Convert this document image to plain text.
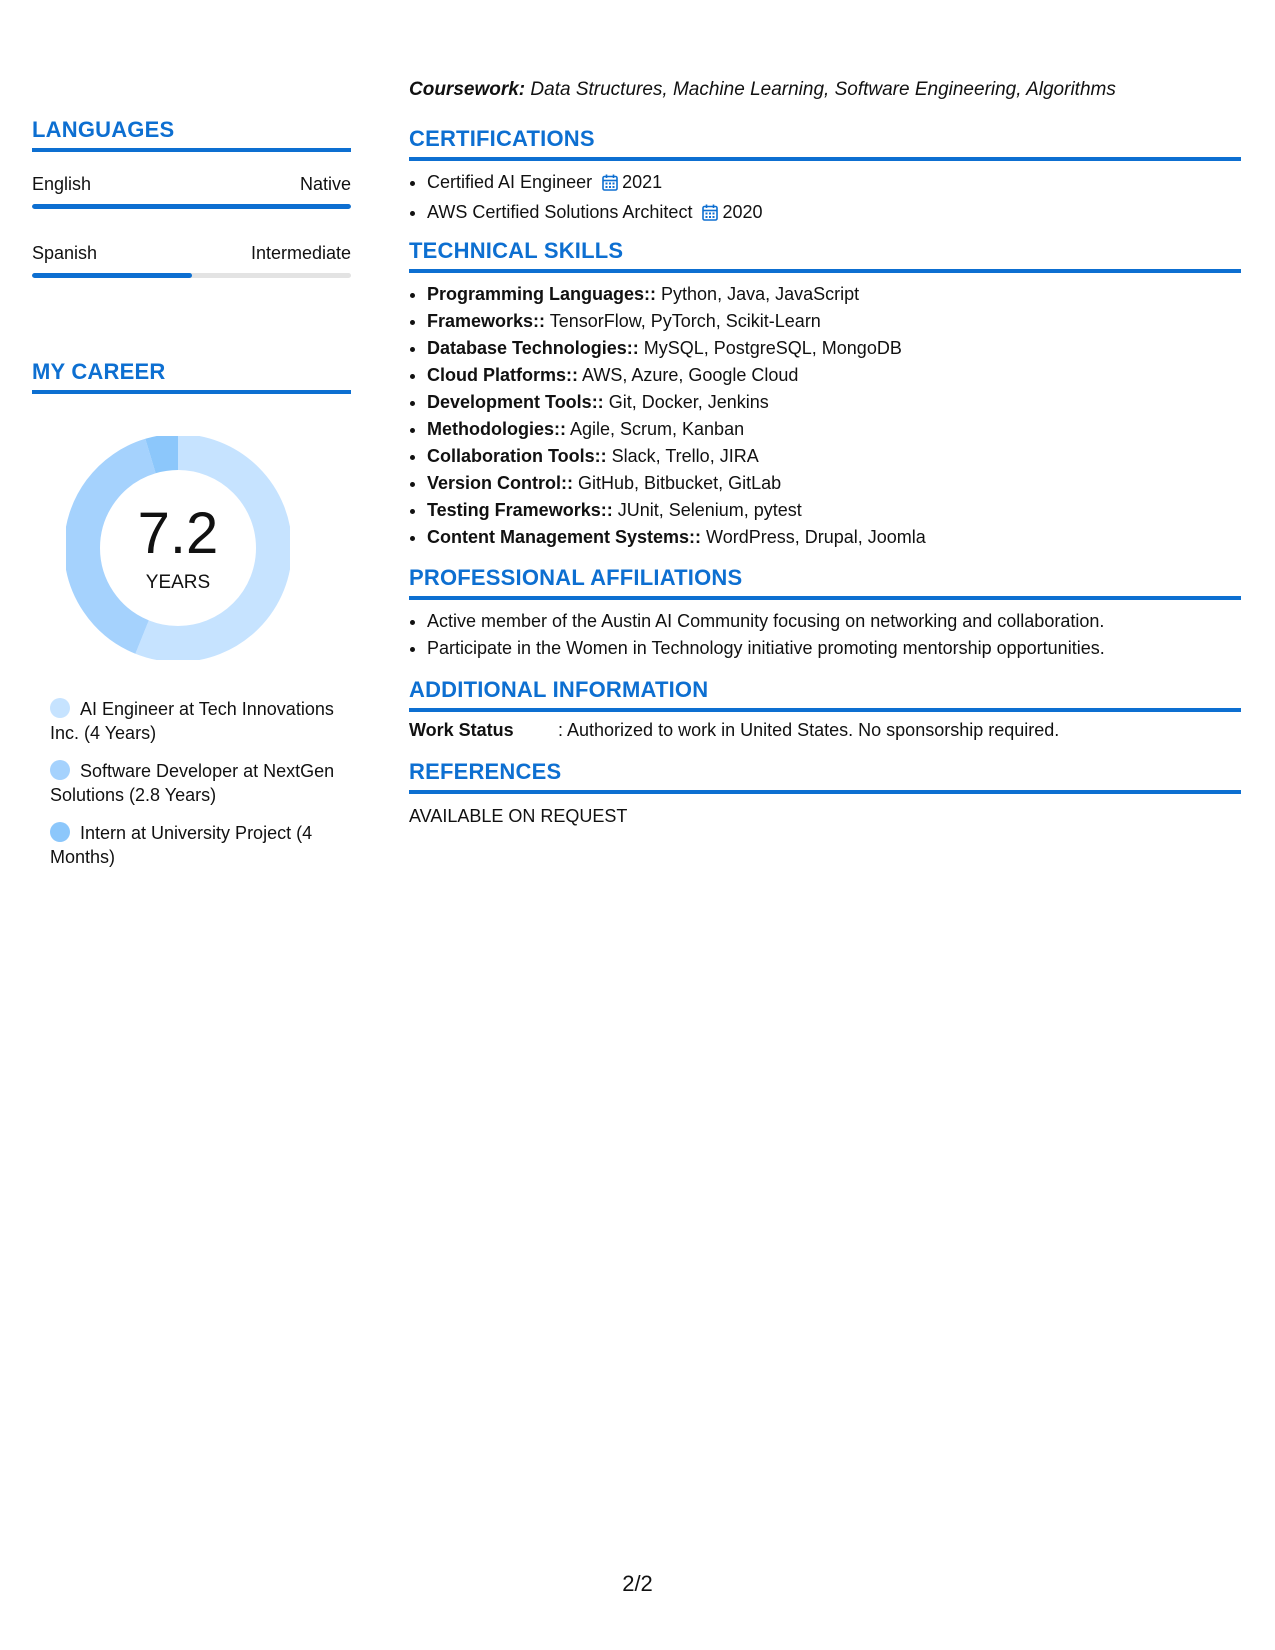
LANGUAGES
English	Native
Spanish	Intermediate
MY CAREER
7.2
YEARS
AI Engineer at Tech Innovations Inc. (4 Years)
Software Developer at NextGen Solutions (2.8 Years)
Intern at University Project (4 Months)
Coursework: Data Structures, Machine Learning, Software Engineering, Algorithms
CERTIFICATIONS
• Certified AI Engineer 2021
• AWS Certified Solutions Architect 2020
TECHNICAL SKILLS
• Programming Languages:: Python, Java, JavaScript
• Frameworks:: TensorFlow, PyTorch, Scikit-Learn
• Database Technologies:: MySQL, PostgreSQL, MongoDB
• Cloud Platforms:: AWS, Azure, Google Cloud
• Development Tools:: Git, Docker, Jenkins
• Methodologies:: Agile, Scrum, Kanban
• Collaboration Tools:: Slack, Trello, JIRA
• Version Control:: GitHub, Bitbucket, GitLab
• Testing Frameworks:: JUnit, Selenium, pytest
• Content Management Systems:: WordPress, Drupal, Joomla
PROFESSIONAL AFFILIATIONS
• Active member of the Austin AI Community focusing on networking and collaboration.
• Participate in the Women in Technology initiative promoting mentorship opportunities.
ADDITIONAL INFORMATION
Work Status : Authorized to work in United States. No sponsorship required.
REFERENCES
AVAILABLE ON REQUEST
2/2
